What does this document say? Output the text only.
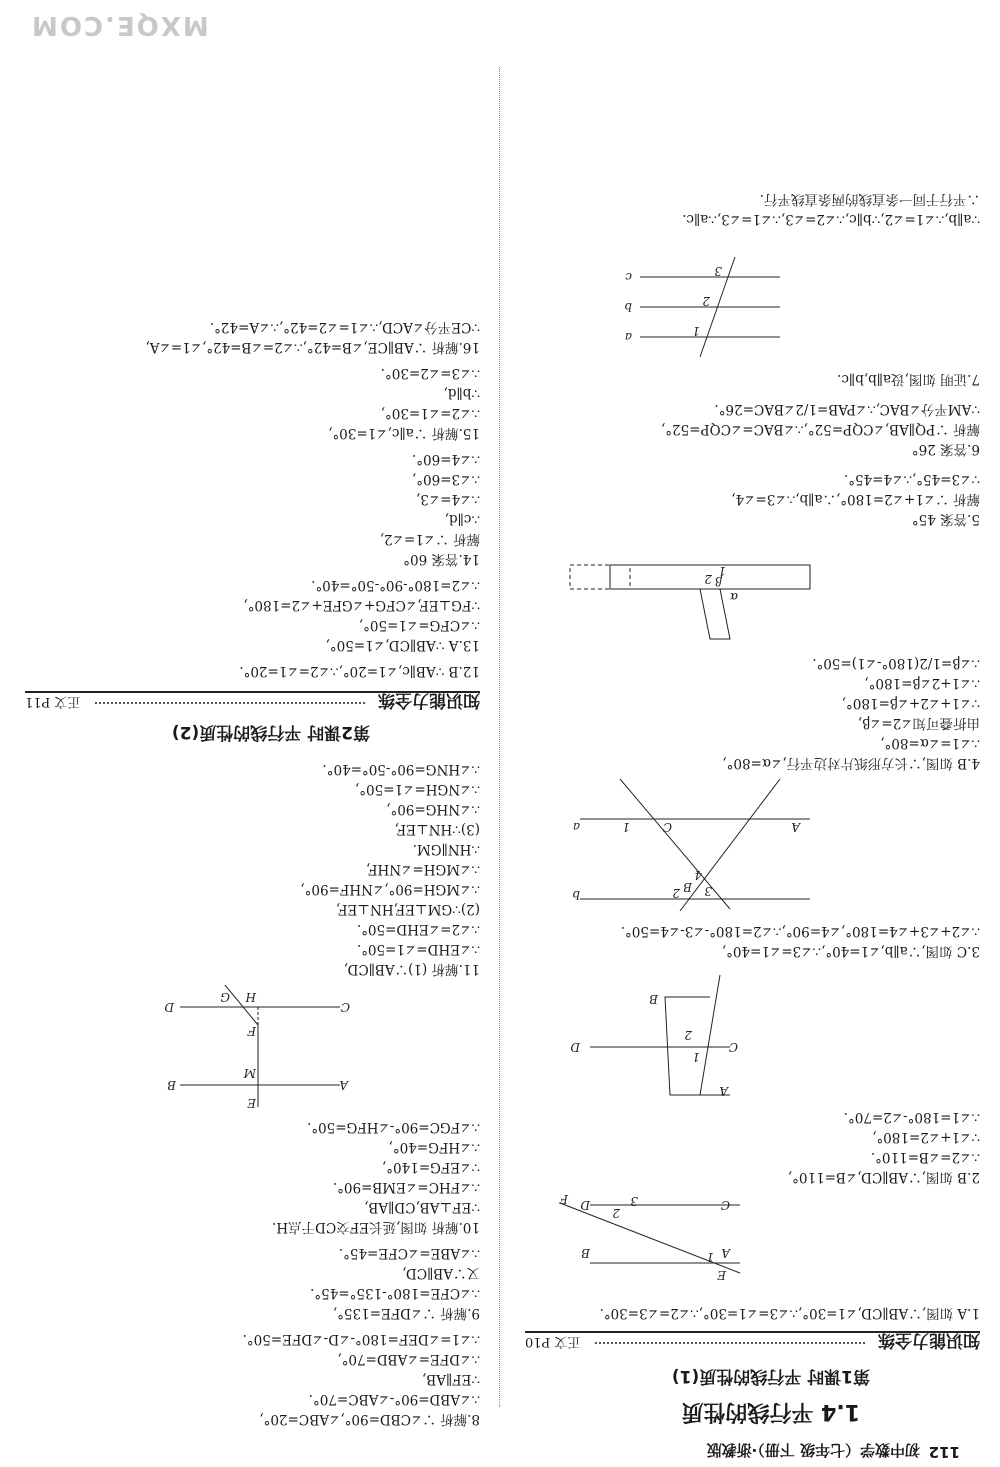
112
初中数学（七年级 下册）·浙教版
1.4 平行线的性质
第1课时 平行线的性质(1)
知识能力全练
正文 P10
1.A 如图,∵AB∥CD,∠1=30°,∴∠3=∠1=30°,∴∠2=∠3=30°.
E
A
B
C
D
F
1
2
3
2.B 如图,∵AB∥CD,∠B=110°,
∴∠2=∠B=110°.
∵∠1+∠2=180°,
∴∠1=180°-∠2=70°.
C
D
A
B
1
2
3.C 如图,∵a∥b,∠1=40°,∴∠3=∠1=40°,
∴∠2+∠3+∠4=180°,∠4=90°,∴∠2=180°-∠3-∠4=50°.
A
C
1
a
B
2 3
4
b
4.B 如图,∵长方形纸片对边平行,∠α=80°,
∴∠1=∠α=80°,
由折叠可知∠2=∠β,
∵∠1+∠2+∠β=180°,
∴∠1+2∠β=180°,
∴∠β=1/2(180°-∠1)=50°.
α
2 β
1
5.答案 45°
解析 ∵∠1+∠2=180°,∴a∥b,∴∠3=∠4,
∵∠3=45°,∴∠4=45°.
6.答案 26°
解析 ∵PQ∥AB,∠CQP=52°,∴∠BAC=∠CQP=52°,
∵AM平分∠BAC,∴∠PAB=1/2∠BAC=26°.
7.证明 如图,设a∥b,b∥c.
a
b
c
1
2
3
∵a∥b,∴∠1=∠2,∵b∥c,∴∠2=∠3,∴∠1=∠3,∴a∥c.
∴平行于同一条直线的两条直线平行.
8.解析 ∵∠CBD=90°,∠ABC=20°,
∴∠ABD=90°-∠ABC=70°.
∵EF∥AB,
∴∠DFE=∠ABD=70°,
∴∠1=∠DEF=180°-∠D-∠DFE=50°.
9.解析 ∵∠DFE=135°,
∴∠CFE=180°-135°=45°.
又∵AB∥CD,
∴∠ABE=∠CFE=45°.
10.解析 如图,延长EF交CD于点H.
∵EF⊥AB,CD∥AB,
∴∠FHC=∠EMB=90°.
∵∠EFG=140°,
∴∠HFG=40°,
∴∠FGC=90°-∠HFG=50°.
E
A
B
M
F
C
H
G
D
11.解析 (1)∵AB∥CD,
∴∠EHD=∠1=50°.
∴∠2=∠EHD=50°.
(2)∵GM⊥EF,HN⊥EF,
∴∠MGH=90°,∠NHF=90°,
∴∠MGH=∠NHF,
∴HN∥GM.
(3)∵HN⊥EF,
∴∠NHG=90°,
∴∠NGH=∠1=50°,
∴∠HNG=90°-50°=40°.
第2课时 平行线的性质(2)
知识能力全练
正文 P11
12.B ∵AB∥c,∠1=20°,∴∠2=∠1=20°.
13.A ∵AB∥CD,∠1=50°,
∴∠CFG=∠1=50°,
∵FG⊥EF,∠CFG+∠GFE+∠2=180°,
∴∠2=180°-90°-50°=40°.
14.答案 60°
解析 ∵∠1=∠2,
∴c∥d,
∴∠4=∠3,
∴∠3=60°,
∴∠4=60°.
15.解析 ∵a∥c,∠1=30°,
∴∠2=∠1=30°,
∵b∥d,
∴∠3=∠2=30°.
16.解析 ∵AB∥CE,∠B=42°,∴∠2=∠B=42°,∠1=∠A,
∵CE平分∠ACD,∴∠1=∠2=42°,∴∠A=42°.
MXQE.COM
